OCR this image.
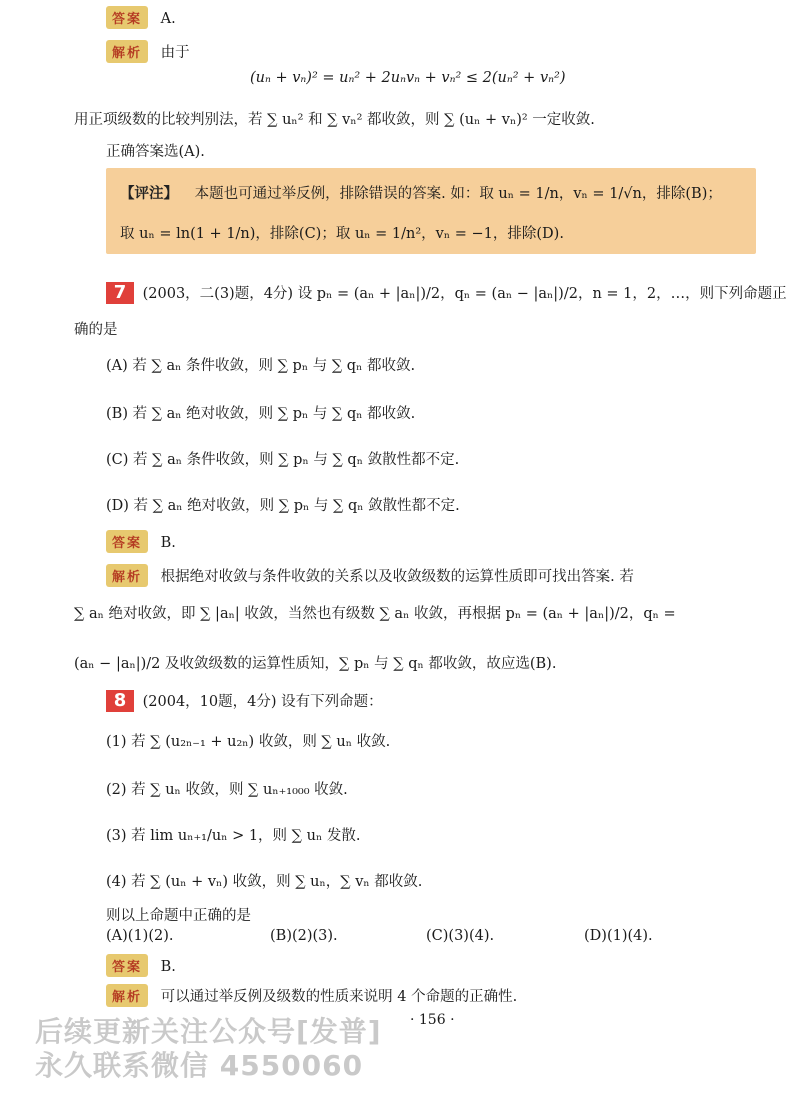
答案 A.
解析 由于
(uₙ + vₙ)² = uₙ² + 2uₙvₙ + vₙ² ≤ 2(uₙ² + vₙ²)
用正项级数的比较判别法，若 ∑ uₙ² 和 ∑ vₙ² 都收敛，则 ∑ (uₙ + vₙ)² 一定收敛.
正确答案选(A).
【评注】 本题也可通过举反例，排除错误的答案. 如：取 uₙ = 1/n，vₙ = 1/√n，排除(B)；
取 uₙ = ln(1 + 1/n)，排除(C)；取 uₙ = 1/n²，vₙ = −1，排除(D).
7 (2003，二(3)题，4分) 设 pₙ = (aₙ + |aₙ|)/2，qₙ = (aₙ − |aₙ|)/2，n = 1，2，…，则下列命题正
确的是
(A) 若 ∑ aₙ 条件收敛，则 ∑ pₙ 与 ∑ qₙ 都收敛.
(B) 若 ∑ aₙ 绝对收敛，则 ∑ pₙ 与 ∑ qₙ 都收敛.
(C) 若 ∑ aₙ 条件收敛，则 ∑ pₙ 与 ∑ qₙ 敛散性都不定.
(D) 若 ∑ aₙ 绝对收敛，则 ∑ pₙ 与 ∑ qₙ 敛散性都不定.
答案 B.
解析 根据绝对收敛与条件收敛的关系以及收敛级数的运算性质即可找出答案. 若
∑ aₙ 绝对收敛，即 ∑ |aₙ| 收敛，当然也有级数 ∑ aₙ 收敛，再根据 pₙ = (aₙ + |aₙ|)/2，qₙ =
(aₙ − |aₙ|)/2 及收敛级数的运算性质知，∑ pₙ 与 ∑ qₙ 都收敛，故应选(B).
8 (2004，10题，4分) 设有下列命题：
(1) 若 ∑ (u₂ₙ₋₁ + u₂ₙ) 收敛，则 ∑ uₙ 收敛.
(2) 若 ∑ uₙ 收敛，则 ∑ uₙ₊₁₀₀₀ 收敛.
(3) 若 lim uₙ₊₁/uₙ > 1，则 ∑ uₙ 发散.
(4) 若 ∑ (uₙ + vₙ) 收敛，则 ∑ uₙ，∑ vₙ 都收敛.
则以上命题中正确的是
(A)(1)(2).	(B)(2)(3).	(C)(3)(4).	(D)(1)(4).
答案 B.
解析 可以通过举反例及级数的性质来说明 4 个命题的正确性.
· 156 ·
后续更新关注公众号[发普]
永久联系微信 4550060
